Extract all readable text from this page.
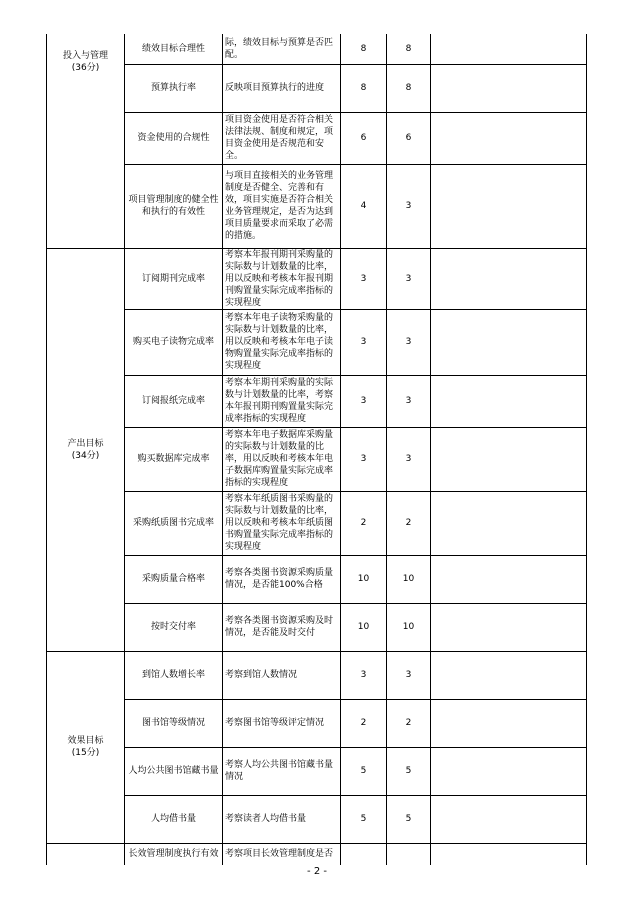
投入与管理
(36分)	绩效目标合理性	际，绩效目标与预算是否匹配。	8	8	
	预算执行率	反映项目预算执行的进度	8	8	
	资金使用的合规性	项目资金使用是否符合相关法律法规、制度和规定，项目资金使用是否规范和安全。	6	6	
	项目管理制度的健全性和执行的有效性	与项目直接相关的业务管理制度是否健全、完善和有效，项目实施是否符合相关业务管理规定，是否为达到项目质量要求而采取了必需的措施。	4	3	

产出目标
(34分)	订阅期刊完成率	考察本年报刊期刊采购量的实际数与计划数量的比率，用以反映和考核本年报刊期刊购置量实际完成率指标的实现程度	3	3	
	购买电子读物完成率	考察本年电子读物采购量的实际数与计划数量的比率，用以反映和考核本年电子读物购置量实际完成率指标的实现程度	3	3	
	订阅报纸完成率	考察本年期刊采购量的实际数与计划数量的比率，考察本年报刊期刊购置量实际完成率指标的实现程度	3	3	
	购买数据库完成率	考察本年电子数据库采购量的实际数与计划数量的比率，用以反映和考核本年电子数据库购置量实际完成率指标的实现程度	3	3	
	采购纸质图书完成率	考察本年纸质图书采购量的实际数与计划数量的比率，用以反映和考核本年纸质图书购置量实际完成率指标的实现程度	2	2	
	采购质量合格率	考察各类图书资源采购质量情况，是否能100%合格	10	10	
	按时交付率	考察各类图书资源采购及时情况，是否能及时交付	10	10	

效果目标
(15分)	到馆人数增长率	考察到馆人数情况	3	3	
	图书馆等级情况	考察图书馆等级评定情况	2	2	
	人均公共图书馆藏书量	考察人均公共图书馆藏书量情况	5	5	
	人均借书量	考察读者人均借书量	5	5	

	长效管理制度执行有效	考察项目长效管理制度是否			
- 2 -
